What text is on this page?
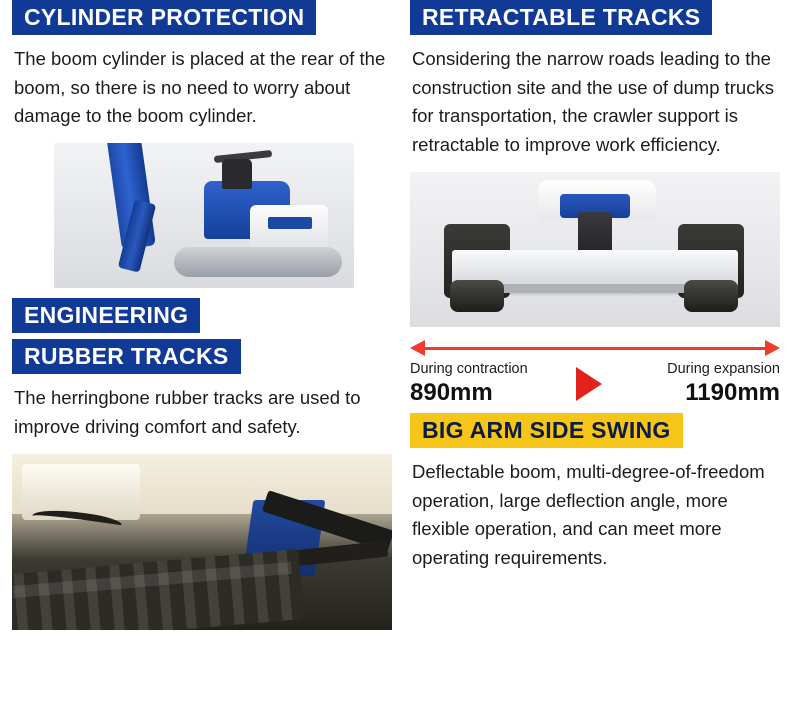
CYLINDER PROTECTION

The boom cylinder is placed at the rear of the boom, so there is no need to worry about damage to the boom cylinder.

ENGINEERING
RUBBER TRACKS

The herringbone rubber tracks are used to improve driving comfort and safety.

RETRACTABLE TRACKS

Considering the narrow roads leading to the construction site and the use of dump trucks for transportation, the crawler support is retractable to improve work efficiency.

During contraction
890mm
During expansion
1190mm
BIG ARM SIDE SWING

Deflectable boom, multi-degree-of-freedom operation, large deflection angle, more flexible operation, and can meet more operating requirements.
